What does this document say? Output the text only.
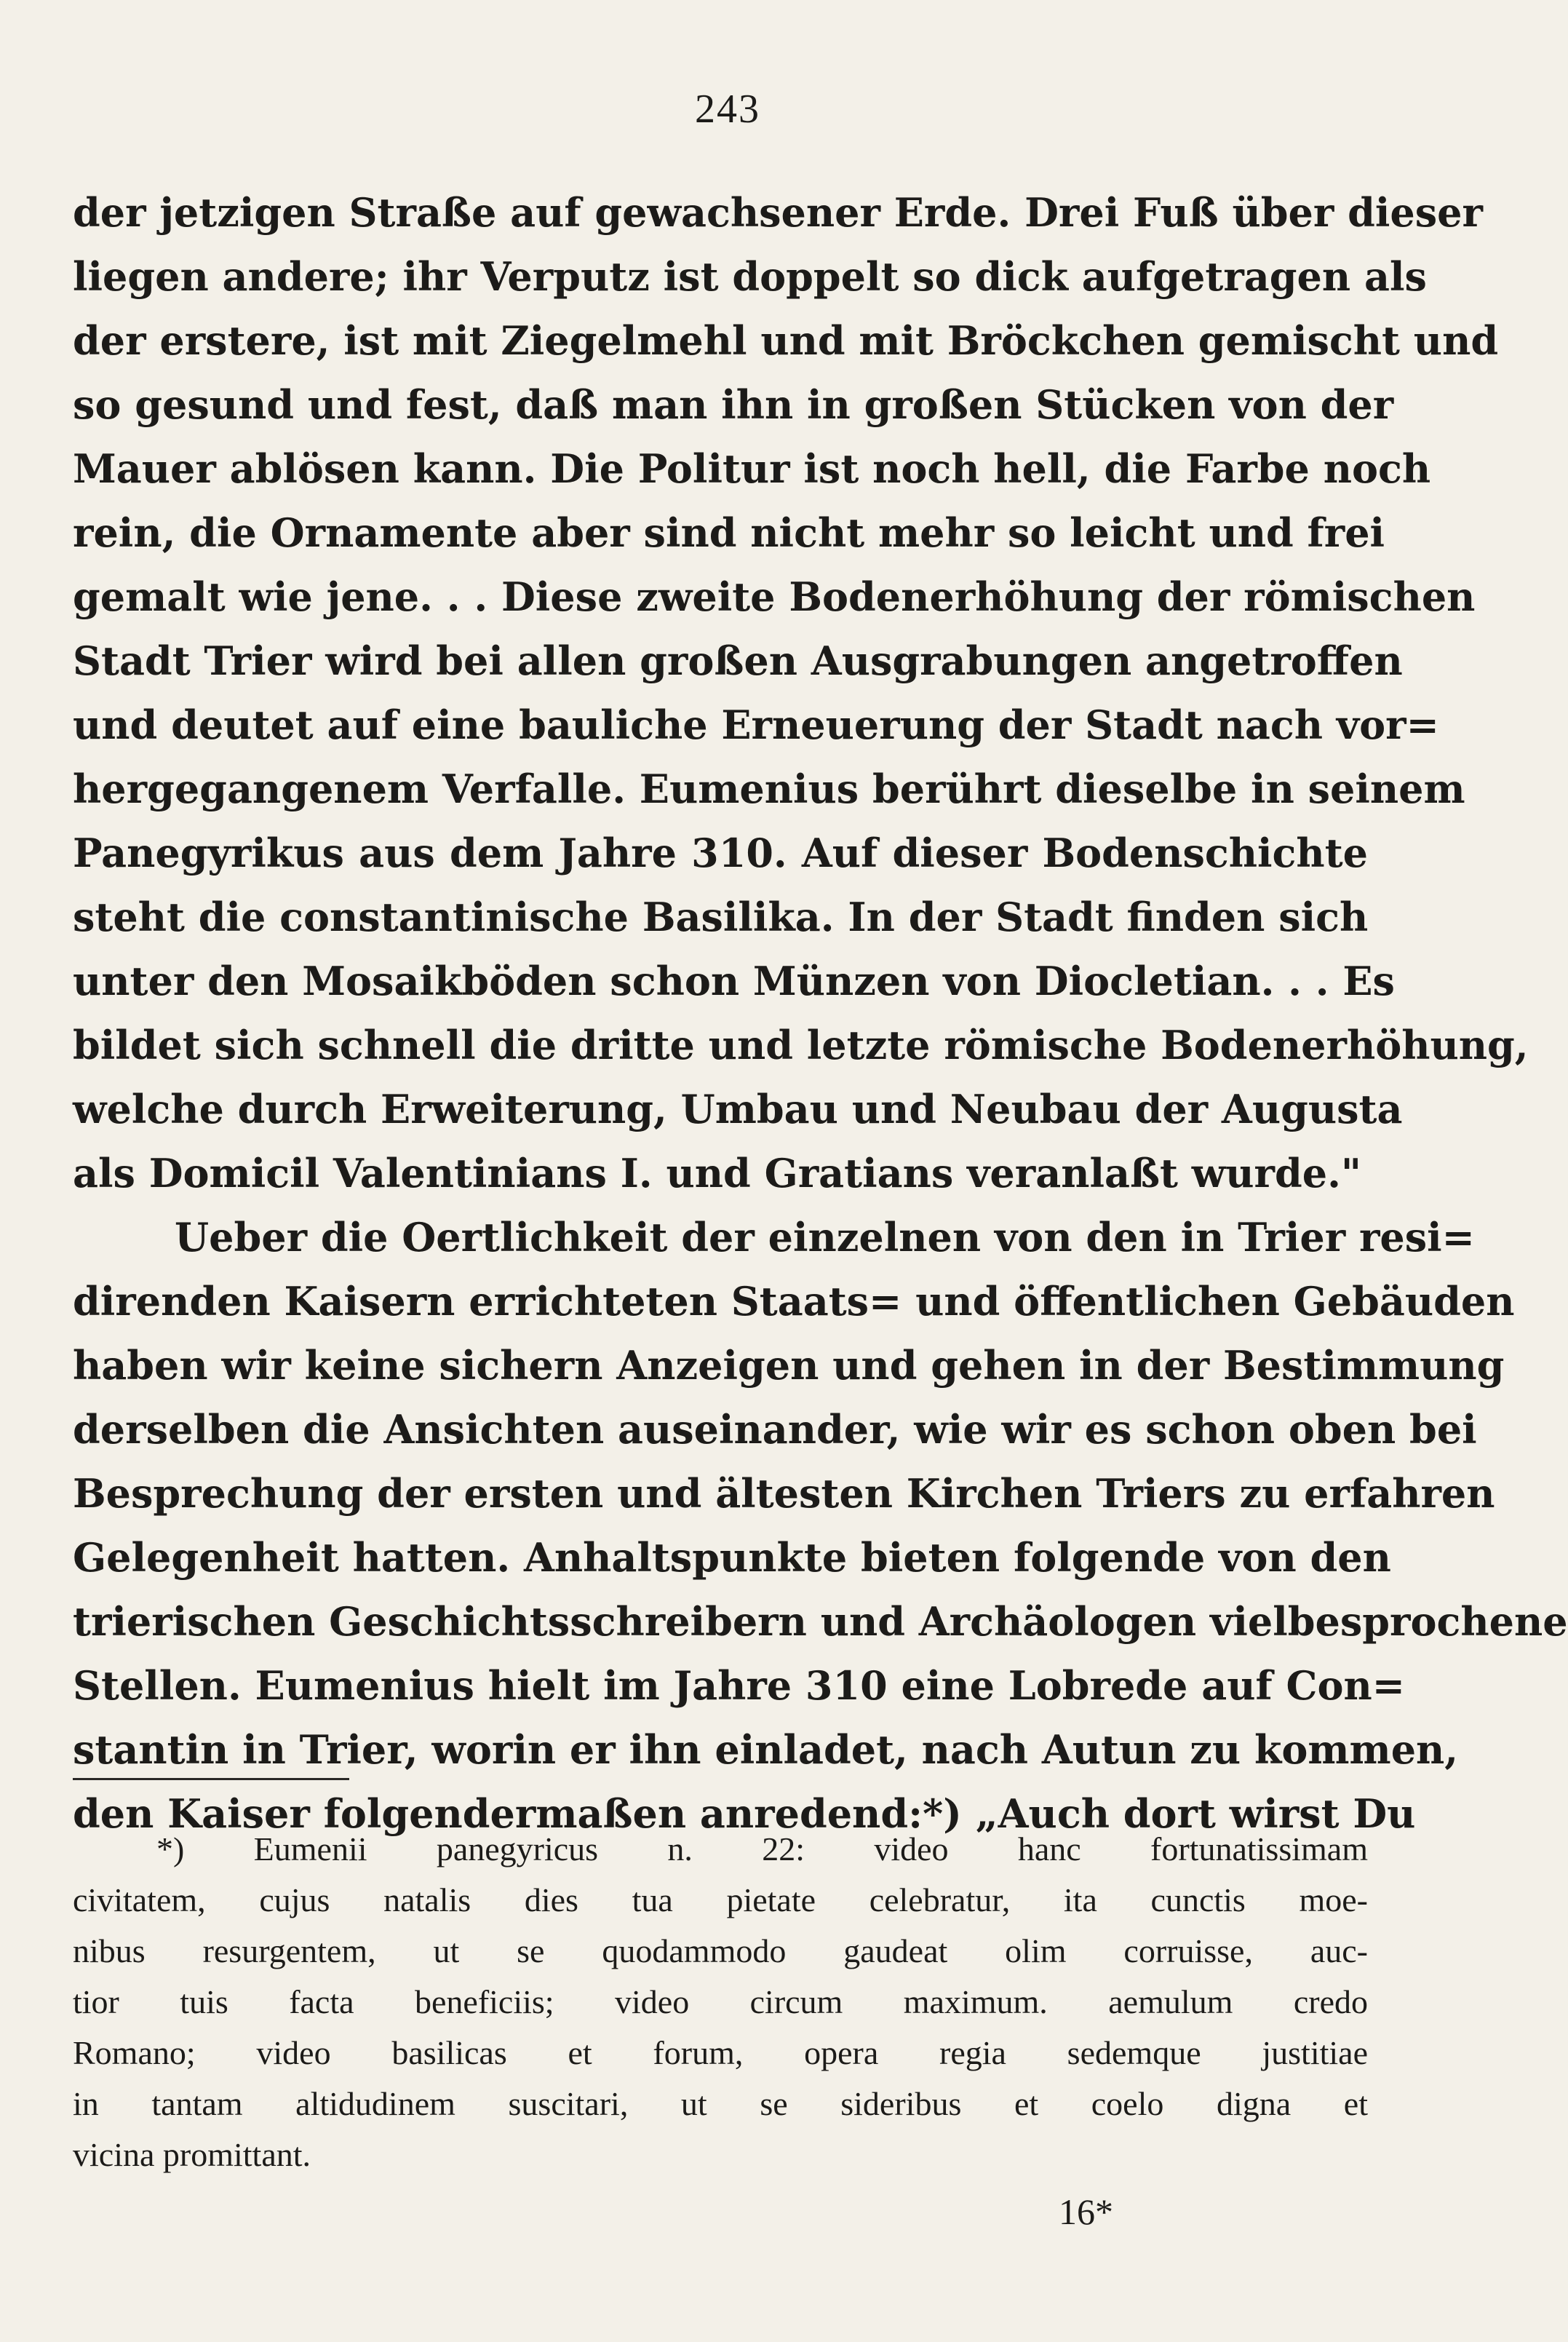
243
der jetzigen Straße auf gewachsener Erde. Drei Fuß über dieser
liegen andere; ihr Verputz ist doppelt so dick aufgetragen als
der erstere, ist mit Ziegelmehl und mit Bröckchen gemischt und
so gesund und fest, daß man ihn in großen Stücken von der
Mauer ablösen kann. Die Politur ist noch hell, die Farbe noch
rein, die Ornamente aber sind nicht mehr so leicht und frei
gemalt wie jene. . . Diese zweite Bodenerhöhung der römischen
Stadt Trier wird bei allen großen Ausgrabungen angetroffen
und deutet auf eine bauliche Erneuerung der Stadt nach vor=
hergegangenem Verfalle. Eumenius berührt dieselbe in seinem
Panegyrikus aus dem Jahre 310. Auf dieser Bodenschichte
steht die constantinische Basilika. In der Stadt finden sich
unter den Mosaikböden schon Münzen von Diocletian. . . Es
bildet sich schnell die dritte und letzte römische Bodenerhöhung,
welche durch Erweiterung, Umbau und Neubau der Augusta
als Domicil Valentinians I. und Gratians veranlaßt wurde."
Ueber die Oertlichkeit der einzelnen von den in Trier resi=
direnden Kaisern errichteten Staats= und öffentlichen Gebäuden
haben wir keine sichern Anzeigen und gehen in der Bestimmung
derselben die Ansichten auseinander, wie wir es schon oben bei
Besprechung der ersten und ältesten Kirchen Triers zu erfahren
Gelegenheit hatten. Anhaltspunkte bieten folgende von den
trierischen Geschichtsschreibern und Archäologen vielbesprochene
Stellen. Eumenius hielt im Jahre 310 eine Lobrede auf Con=
stantin in Trier, worin er ihn einladet, nach Autun zu kommen,
den Kaiser folgendermaßen anredend:*) „Auch dort wirst Du
*) Eumenii panegyricus n. 22: video hanc fortunatissimam
civitatem, cujus natalis dies tua pietate celebratur, ita cunctis moe-
nibus resurgentem, ut se quodammodo gaudeat olim corruisse, auc-
tior tuis facta beneficiis; video circum maximum. aemulum credo
Romano; video basilicas et forum, opera regia sedemque justitiae
in tantam altidudinem suscitari, ut se sideribus et coelo digna et
vicina promittant.
16*
